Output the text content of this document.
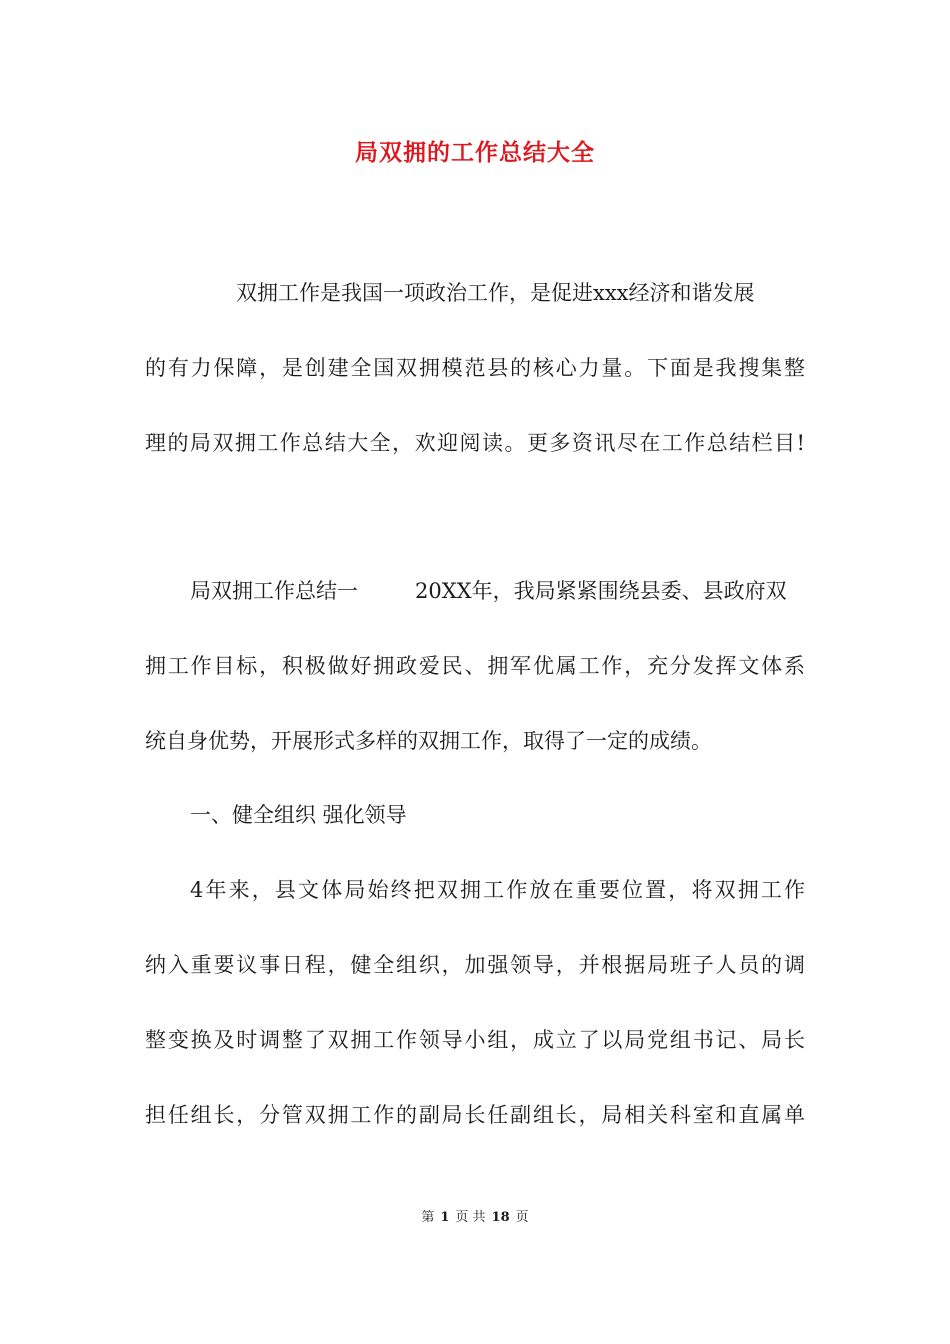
局双拥的工作总结大全
双拥工作是我国一项政治工作，是促进xxx经济和谐发展
的有力保障，是创建全国双拥模范县的核心力量。下面是我搜集整
理的局双拥工作总结大全，欢迎阅读。更多资讯尽在工作总结栏目!
局双拥工作总结一	20XX年，我局紧紧围绕县委、县政府双
拥工作目标，积极做好拥政爱民、拥军优属工作，充分发挥文体系
统自身优势，开展形式多样的双拥工作，取得了一定的成绩。
一、健全组织 强化领导
4年来，县文体局始终把双拥工作放在重要位置，将双拥工作
纳入重要议事日程，健全组织，加强领导，并根据局班子人员的调
整变换及时调整了双拥工作领导小组，成立了以局党组书记、局长
担任组长，分管双拥工作的副局长任副组长，局相关科室和直属单
第 1 页 共 18 页
